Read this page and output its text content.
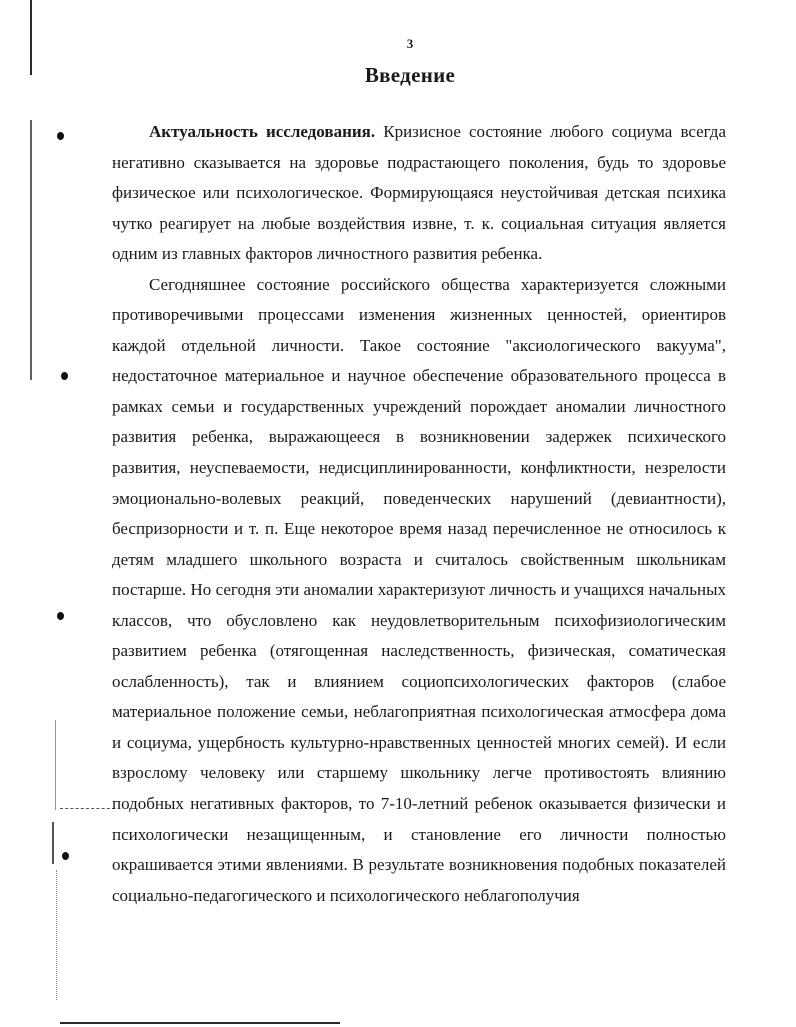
3
Введение

Актуальность исследования. Кризисное состояние любого социума всегда негативно сказывается на здоровье подрастающего поколения, будь то здоровье физическое или психологическое. Формирующаяся неустойчивая детская психика чутко реагирует на любые воздействия извне, т. к. социальная ситуация является одним из главных факторов личностного развития ребенка.

Сегодняшнее состояние российского общества характеризуется сложными противоречивыми процессами изменения жизненных ценностей, ориентиров каждой отдельной личности. Такое состояние "аксиологического вакуума", недостаточное материальное и научное обеспечение образовательного процесса в рамках семьи и государственных учреждений порождает аномалии личностного развития ребенка, выражающееся в возникновении задержек психического развития, неуспеваемости, недисциплинированности, конфликтности, незрелости эмоционально-волевых реакций, поведенческих нарушений (девиантности), беспризорности и т. п. Еще некоторое время назад перечисленное не относилось к детям младшего школьного возраста и считалось свойственным школьникам постарше. Но сегодня эти аномалии характеризуют личность и учащихся начальных классов, что обусловлено как неудовлетворительным психофизиологическим развитием ребенка (отягощенная наследственность, физическая, соматическая ослабленность), так и влиянием социопсихологических факторов (слабое материальное положение семьи, неблагоприятная психологическая атмосфера дома и социума, ущербность культурно-нравственных ценностей многих семей). И если взрослому человеку или старшему школьнику легче противостоять влиянию подобных негативных факторов, то 7-10-летний ребенок оказывается физически и психологически незащищенным, и становление его личности полностью окрашивается этими явлениями. В результате возникновения подобных показателей социально-педагогического и психологического неблагополучия
